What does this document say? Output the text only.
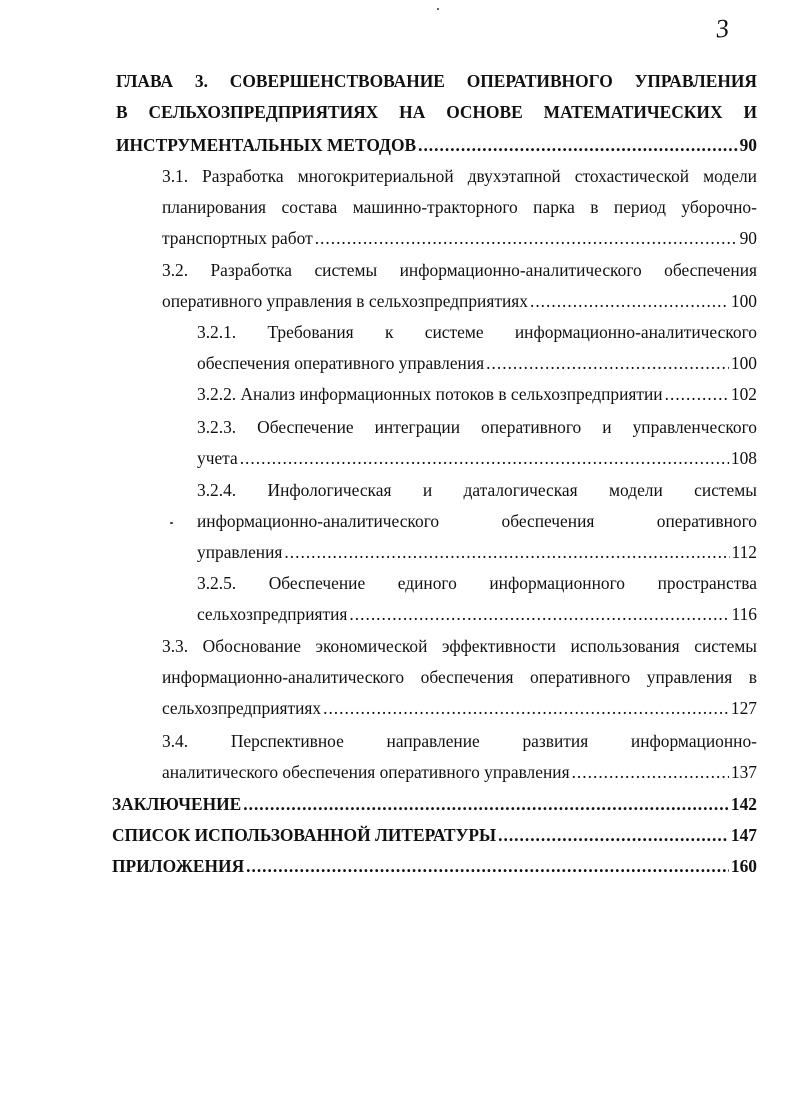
3
ГЛАВА 3. СОВЕРШЕНСТВОВАНИЕ ОПЕРАТИВНОГО УПРАВЛЕНИЯ
В СЕЛЬХОЗПРЕДПРИЯТИЯХ НА ОСНОВЕ МАТЕМАТИЧЕСКИХ И
ИНСТРУМЕНТАЛЬНЫХ МЕТОДОВ .....	90
3.1. Разработка многокритериальной двухэтапной стохастической модели
планирования состава машинно-тракторного парка в период уборочно-
транспортных работ .....	90
3.2. Разработка системы информационно-аналитического обеспечения
оперативного управления в сельхозпредприятиях .....	100
3.2.1. Требования к системе информационно-аналитического
обеспечения оперативного управления .....	100
3.2.2. Анализ информационных потоков в сельхозпредприятии .....	102
3.2.3. Обеспечение интеграции оперативного и управленческого
учета .....	108
3.2.4. Инфологическая и даталогическая модели системы
информационно-аналитического	обеспечения	оперативного
управления .....	112
3.2.5. Обеспечение единого информационного пространства
сельхозпредприятия .....	116
3.3. Обоснование экономической эффективности использования системы
информационно-аналитического обеспечения оперативного управления в
сельхозпредприятиях .....	127
3.4. Перспективное направление развития информационно-
аналитического обеспечения оперативного управления .....	137
ЗАКЛЮЧЕНИЕ .....	142
СПИСОК ИСПОЛЬЗОВАННОЙ ЛИТЕРАТУРЫ .....	147
ПРИЛОЖЕНИЯ .....	160
